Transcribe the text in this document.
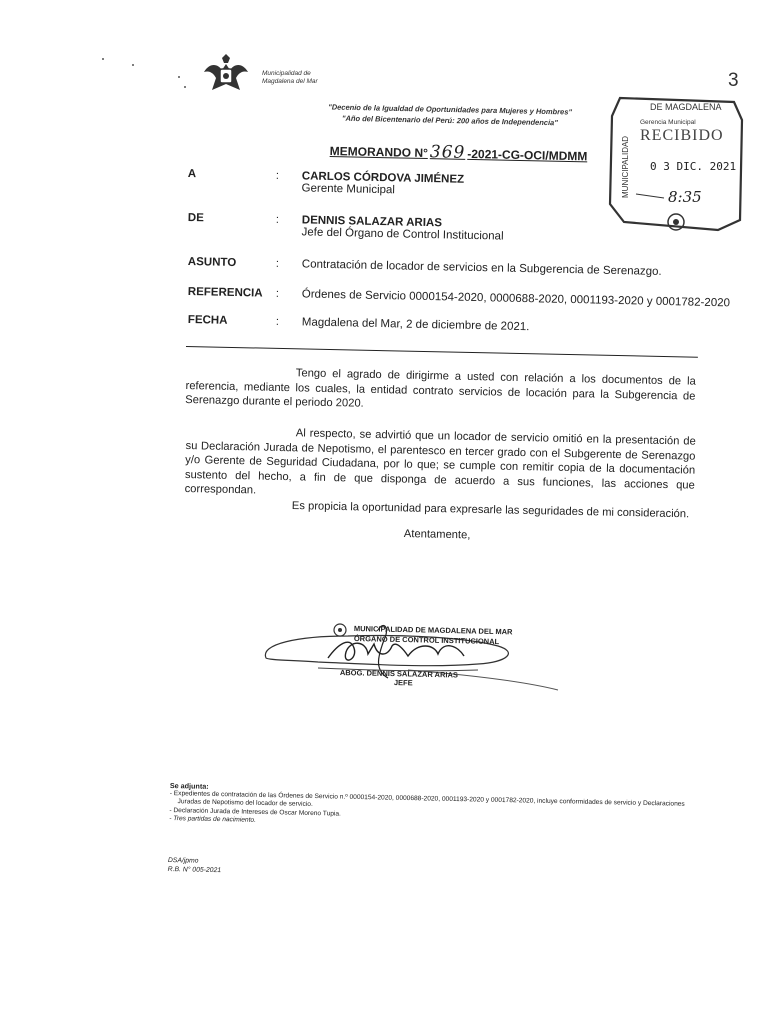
3
Municipalidad de
Magdalena del Mar
"Decenio de la Igualdad de Oportunidades para Mujeres y Hombres"
"Año del Bicentenario del Perú: 200 años de Independencia"
MEMORANDO N°369 -2021-CG-OCI/MDMM
DE MAGDALENA
Gerencia Municipal
RECIBIDO
0 3 DIC. 2021
8:35
MUNICIPALIDAD
A	: CARLOS CÓRDOVA JIMÉNEZ
Gerente Municipal
DE	: DENNIS SALAZAR ARIAS
Jefe del Órgano de Control Institucional
ASUNTO	: Contratación de locador de servicios en la Subgerencia de Serenazgo.
REFERENCIA : Órdenes de Servicio 0000154-2020, 0000688-2020, 0001193-2020 y 0001782-2020
FECHA	: Magdalena del Mar, 2 de diciembre de 2021.
Tengo el agrado de dirigirme a usted con relación a los documentos de la referencia, mediante los cuales, la entidad contrato servicios de locación para la Subgerencia de Serenazgo durante el periodo 2020.
Al respecto, se advirtió que un locador de servicio omitió en la presentación de su Declaración Jurada de Nepotismo, el parentesco en tercer grado con el Subgerente de Serenazgo y/o Gerente de Seguridad Ciudadana, por lo que; se cumple con remitir copia de la documentación sustento del hecho, a fin de que disponga de acuerdo a sus funciones, las acciones que correspondan.
Es propicia la oportunidad para expresarle las seguridades de mi consideración.
Atentamente,
MUNICIPALIDAD DE MAGDALENA DEL MAR
ÓRGANO DE CONTROL INSTITUCIONAL
ABOG. DENNIS SALAZAR ARIAS
JEFE
Se adjunta:
- Expedientes de contratación de las Órdenes de Servicio n.º 0000154-2020, 0000688-2020, 0001193-2020 y 0001782-2020, incluye conformidades de servicio y Declaraciones Juradas de Nepotismo del locador de servicio.
- Declaración Jurada de Intereses de Oscar Moreno Tupia.
- Tres partidas de nacimiento.
DSA/jpmo
R.B. N° 005-2021
